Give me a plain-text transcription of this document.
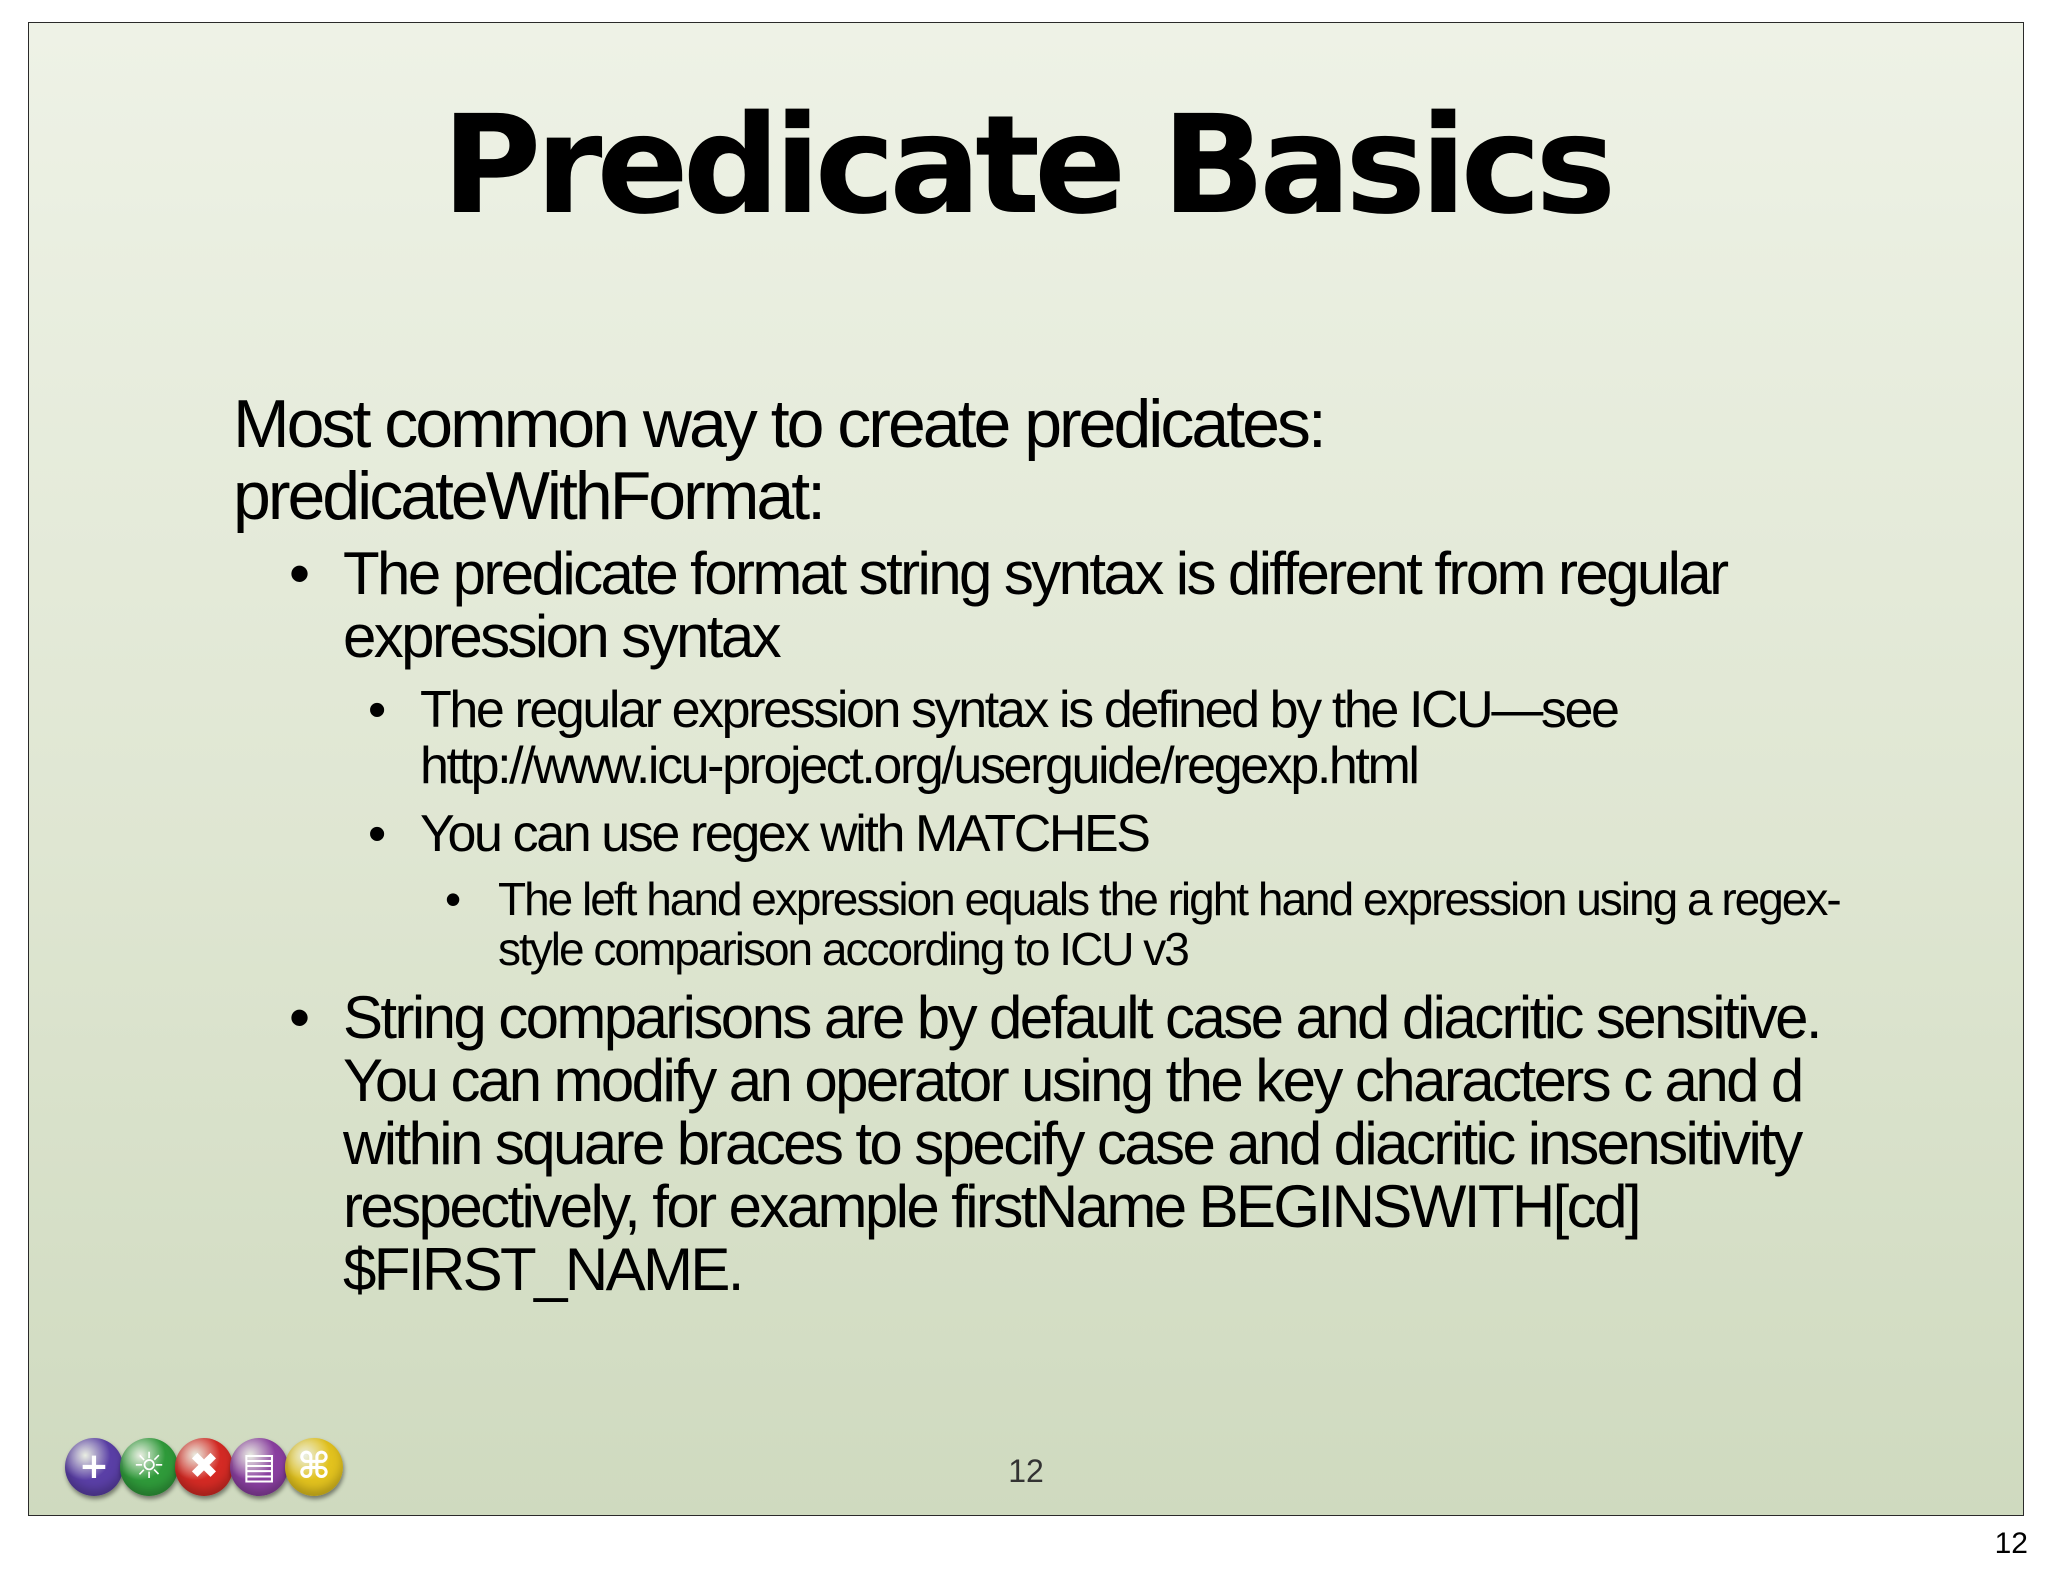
Predicate Basics
Most common way to create predicates:
predicateWithFormat:
• The predicate format string syntax is different from regular expression syntax
• The regular expression syntax is defined by the ICU—see http://www.icu-project.org/userguide/regexp.html
• You can use regex with MATCHES
• The left hand expression equals the right hand expression using a regex-style comparison according to ICU v3
• String comparisons are by default case and diacritic sensitive. You can modify an operator using the key characters c and d within square braces to specify case and diacritic insensitivity respectively, for example firstName BEGINSWITH[cd] $FIRST_NAME.
+ ☼ ✖ ▤ ⌘	12
12
